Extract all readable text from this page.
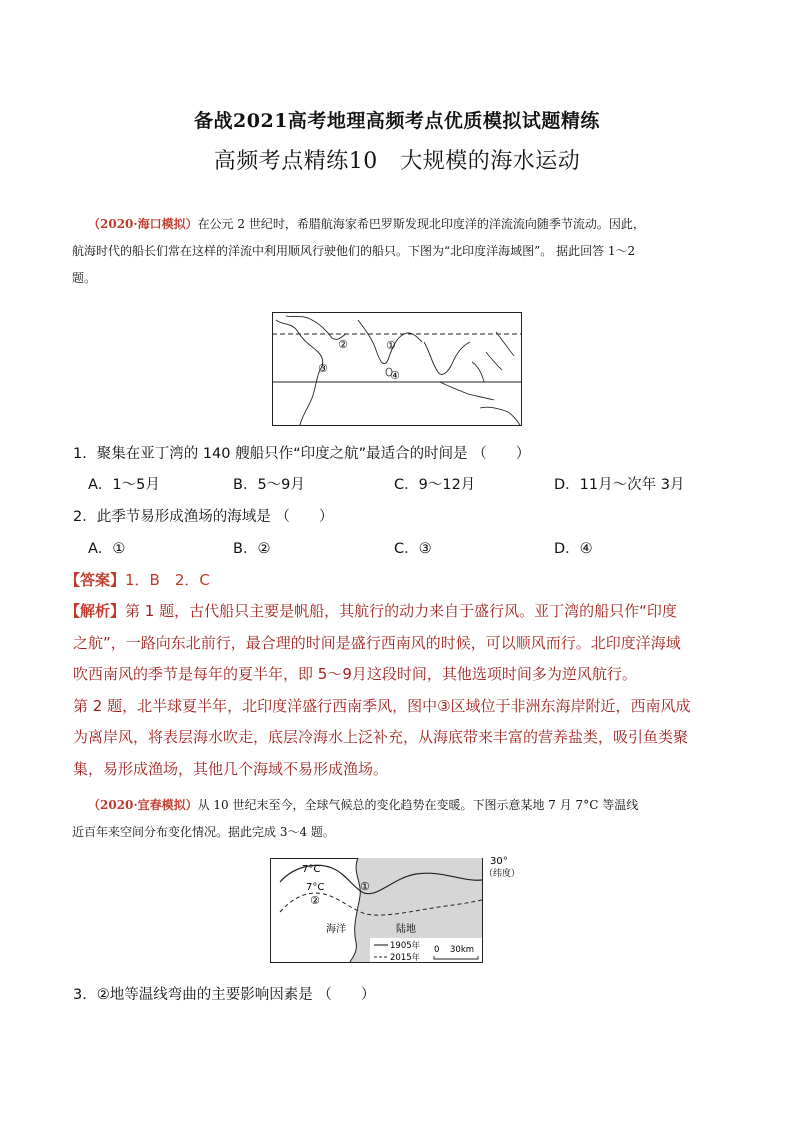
备战2021高考地理高频考点优质模拟试题精练
高频考点精练10　大规模的海水运动
（2020·海口模拟）在公元 2 世纪时，希腊航海家希巴罗斯发现北印度洋的洋流流向随季节流动。因此，
航海时代的船长们常在这样的洋流中利用顺风行驶他们的船只。下图为“北印度洋海域图”。 据此回答 1～2
题。
①
②
③
④
1．聚集在亚丁湾的 140 艘船只作“印度之航”最适合的时间是 （　　）
A．1～5月	B．5～9月	C．9～12月	D．11月～次年 3月
2．此季节易形成渔场的海域是 （　　）
A．①	B．②	C．③	D．④
【答案】1．B　2．C
【解析】第 1 题，古代船只主要是帆船，其航行的动力来自于盛行风。亚丁湾的船只作“印度
之航”，一路向东北前行，最合理的时间是盛行西南风的时候，可以顺风而行。北印度洋海域
吹西南风的季节是每年的夏半年，即 5～9月这段时间，其他选项时间多为逆风航行。
第 2 题，北半球夏半年，北印度洋盛行西南季风，图中③区域位于非洲东海岸附近，西南风成
为离岸风，将表层海水吹走，底层冷海水上泛补充，从海底带来丰富的营养盐类，吸引鱼类聚
集，易形成渔场，其他几个海域不易形成渔场。
（2020·宜春模拟）从 10 世纪末至今，全球气候总的变化趋势在变暖。下图示意某地 7 月 7°C 等温线
近百年来空间分布变化情况。据此完成 3～4 题。
7°C
7°C	①
②
海洋	陆地
30°
（纬度）
1905年
2015年
0 30km
3．②地等温线弯曲的主要影响因素是 （　　）
